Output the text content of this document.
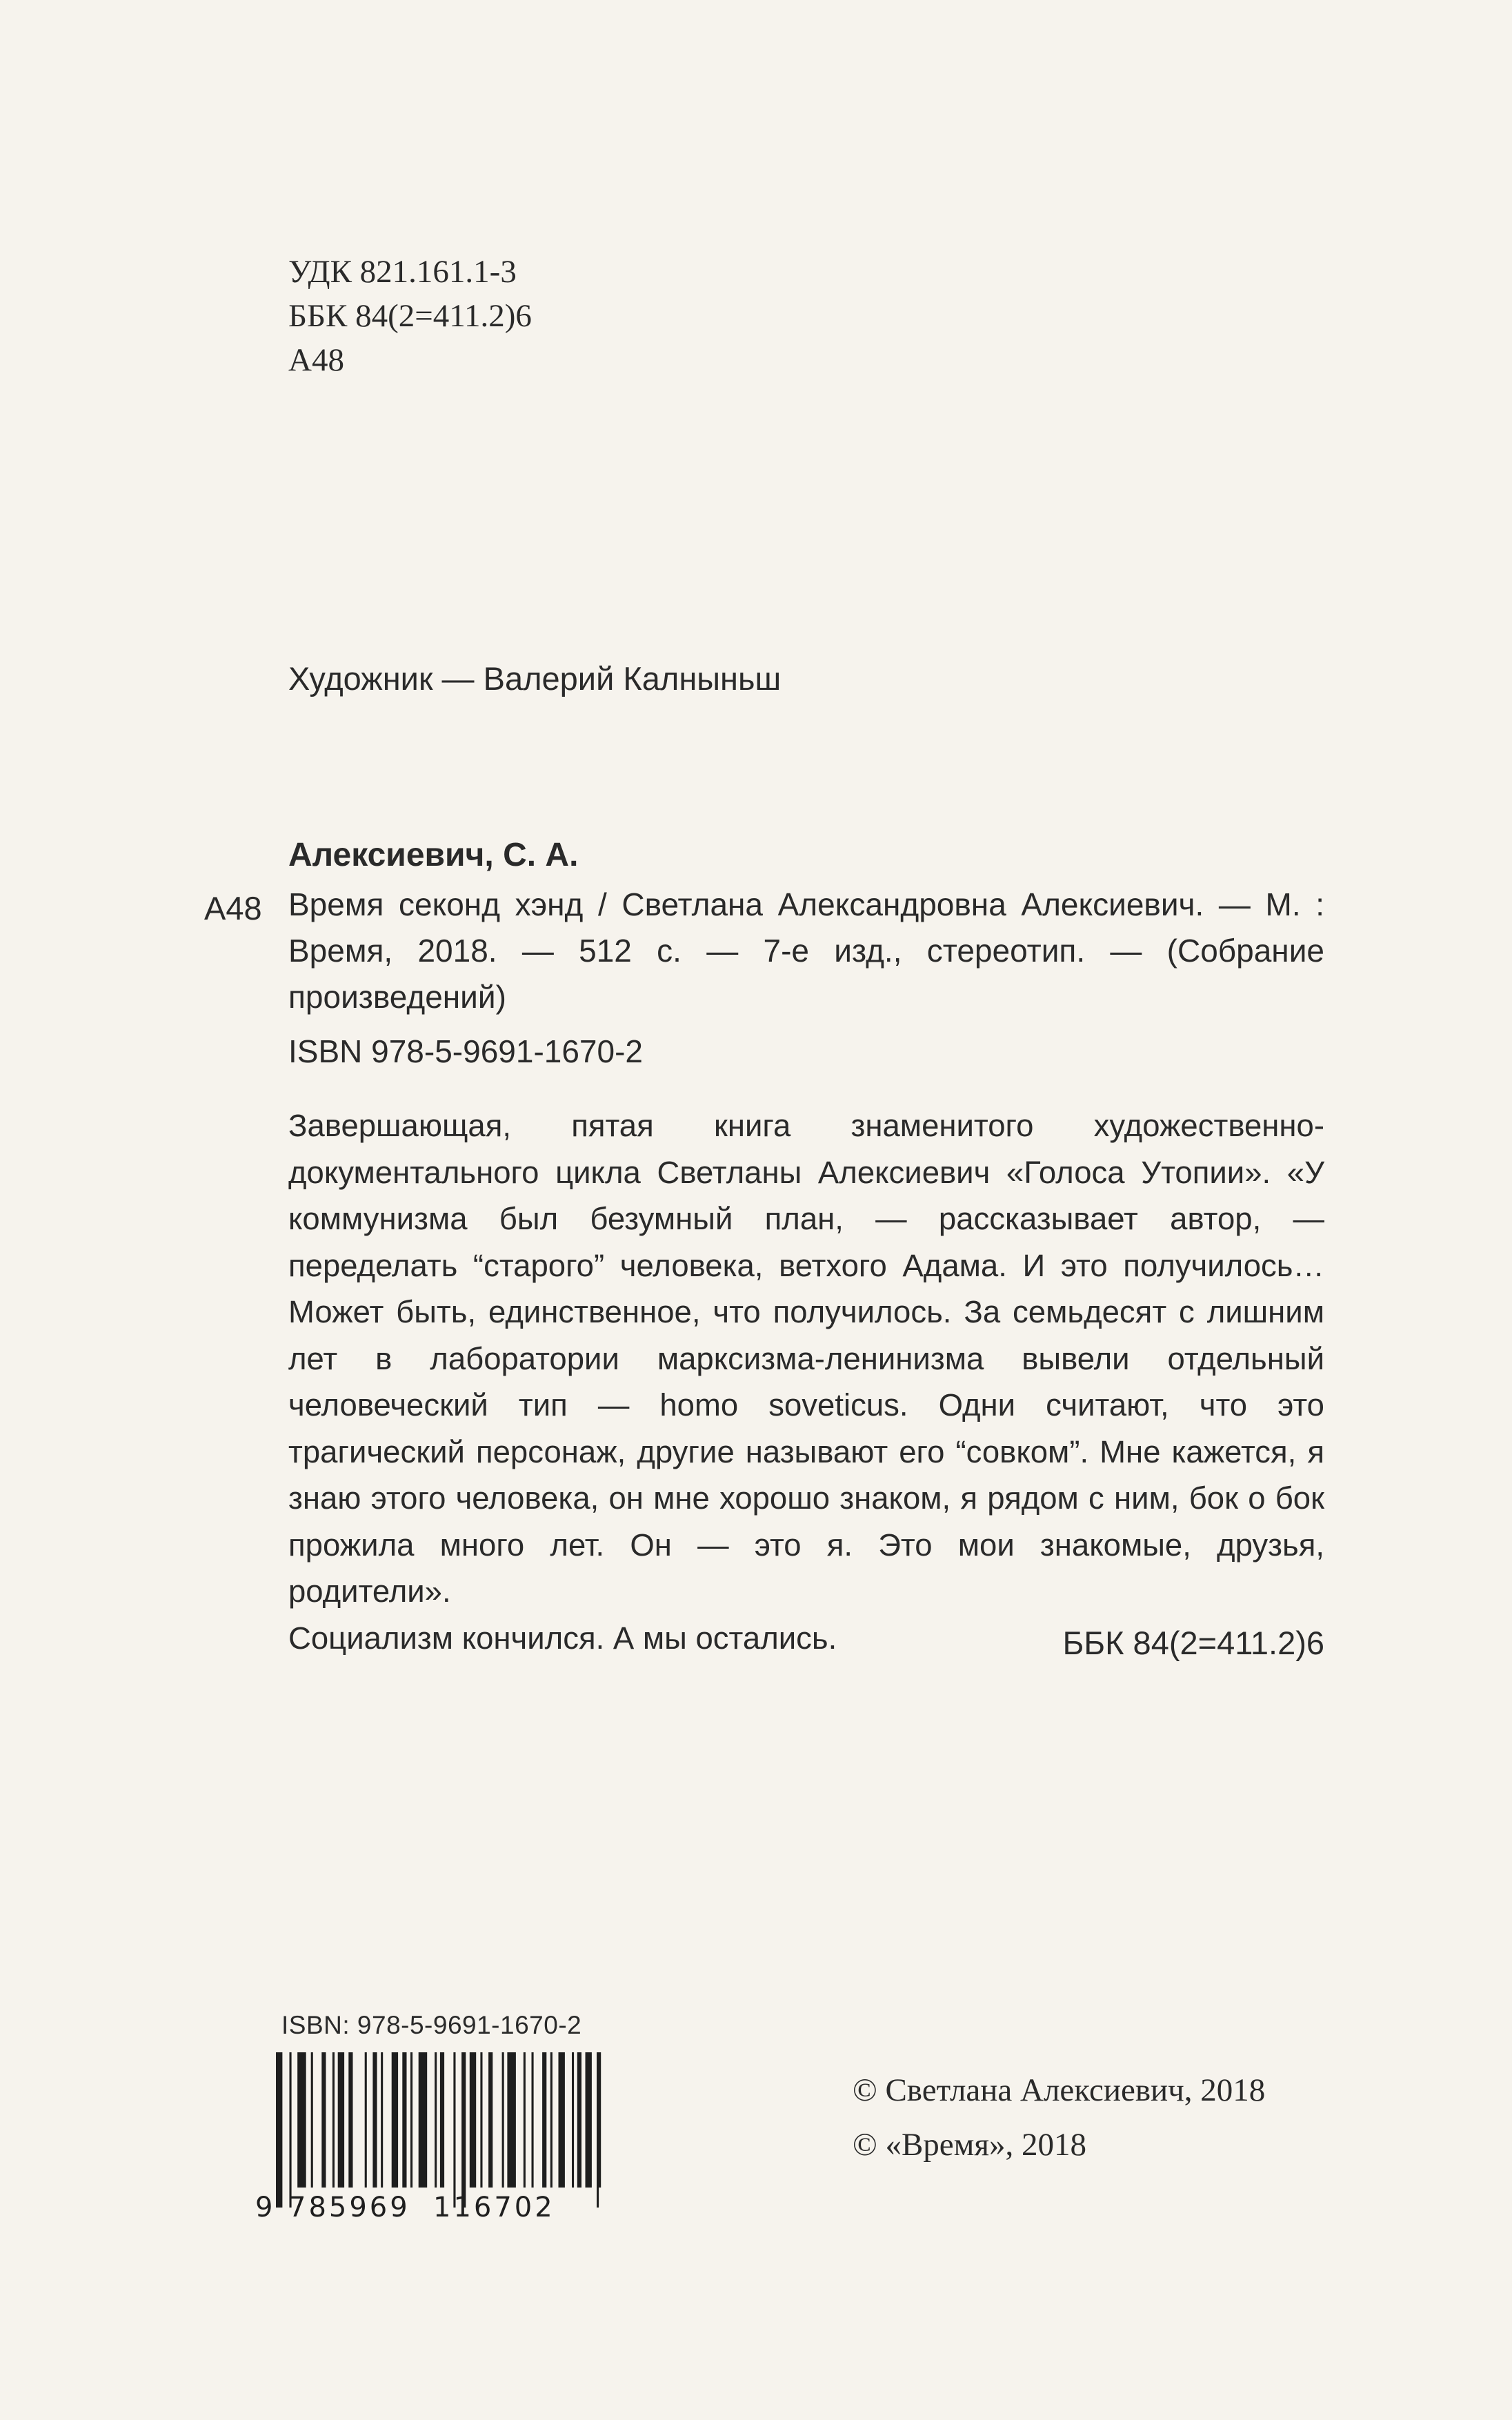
УДК 821.161.1-3
ББК 84(2=411.2)6
А48
Художник — Валерий Калныньш
Алексиевич, С. А.
А48 Время секонд хэнд / Светлана Александровна Алексиевич. — М. : Время, 2018. — 512 с. — 7-е изд., стереотип. — (Собрание произведений)
ISBN 978-5-9691-1670-2
Завершающая, пятая книга знаменитого художественно-документального цикла Светланы Алексиевич «Голоса Утопии». «У коммунизма был безумный план, — рассказывает автор, — переделать “старого” человека, ветхого Адама. И это получилось… Может быть, единственное, что получилось. За семьдесят с лишним лет в лаборатории марксизма-ленинизма вывели отдельный человеческий тип — homo soveticus. Одни считают, что это трагический персонаж, другие называют его “совком”. Мне кажется, я знаю этого человека, он мне хорошо знаком, я рядом с ним, бок о бок прожила много лет. Он — это я. Это мои знакомые, друзья, родители».
Социализм кончился. А мы остались.	ББК 84(2=411.2)6
ISBN: 978-5-9691-1670-2
9 785969 116702
© Светлана Алексиевич, 2018
© «Время», 2018
